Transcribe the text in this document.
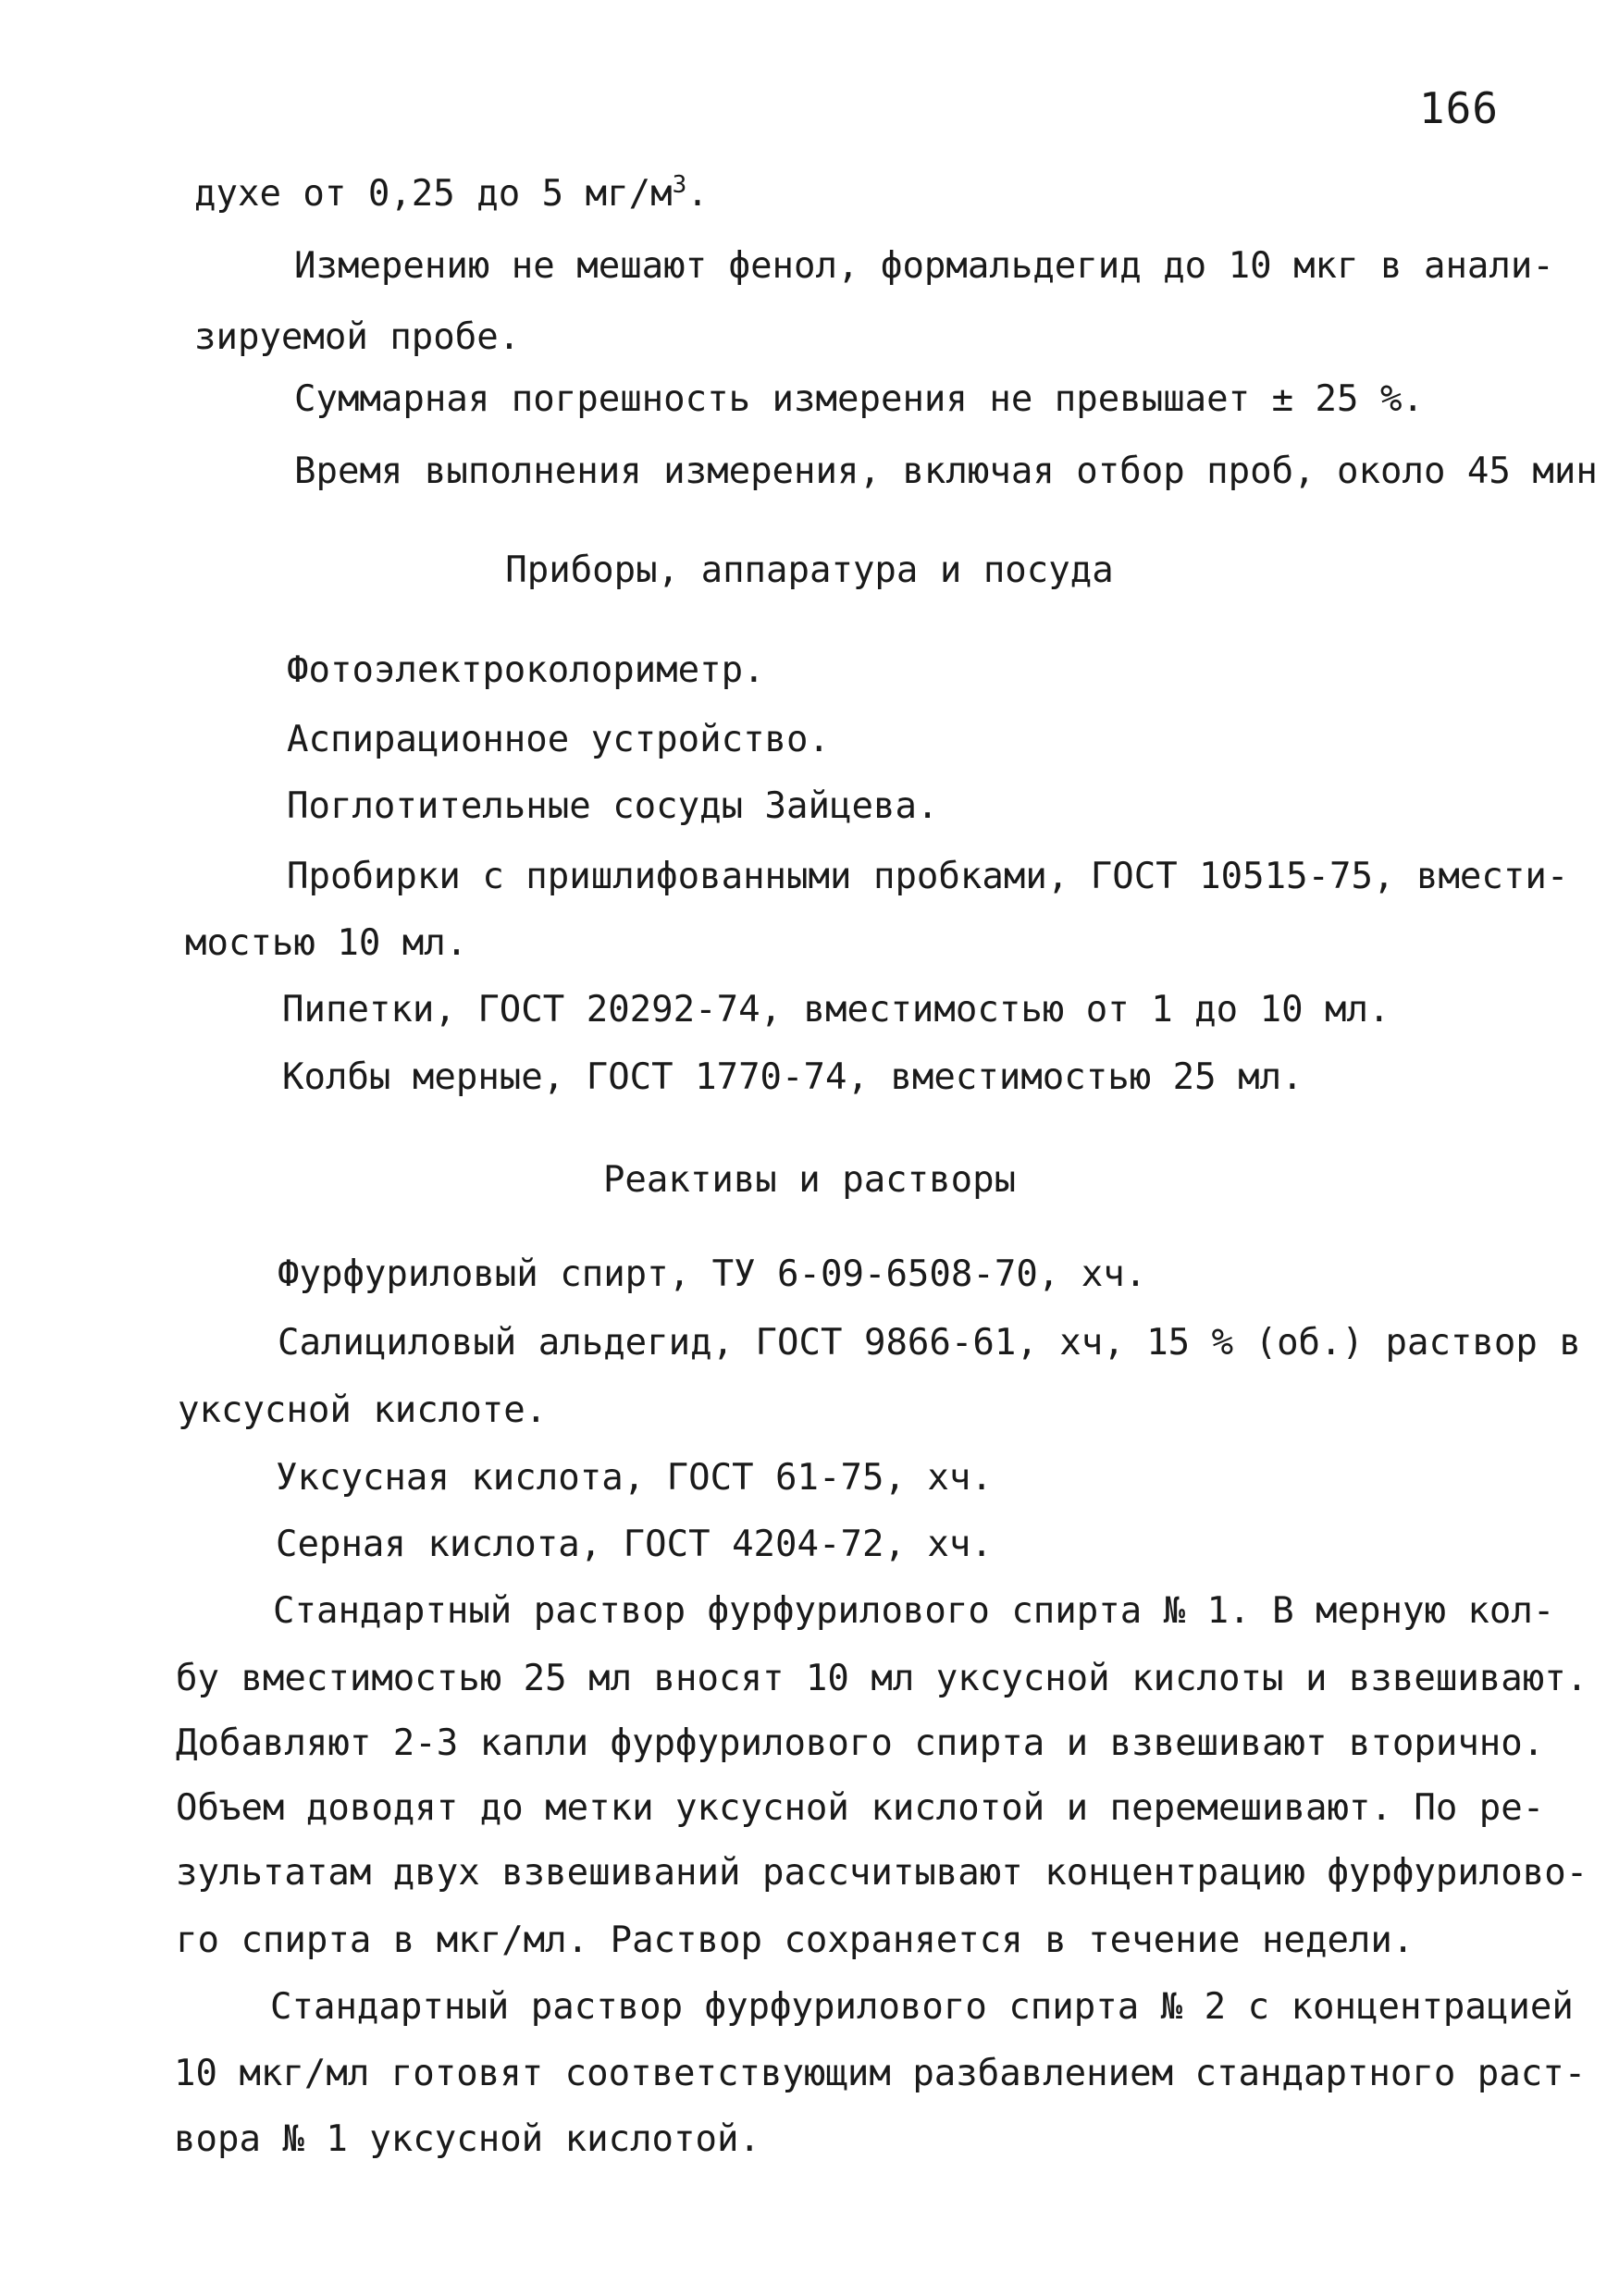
166
духе от 0,25 до 5 $мг/м^3$.
Измерению не мешают фенол, формальдегид до 10 мкг в анали-
зируемой пробе.
Суммарная погрешность измерения не превышает ± 25 %.
Время выполнения измерения, включая отбор проб, около 45 мин
Приборы, аппаратура и посуда
Фотоэлектроколориметр.
Аспирационное устройство.
Поглотительные сосуды Зайцева.
Пробирки с пришлифованными пробками, ГОСТ 10515-75, вмести-
мостью 10 мл.
Пипетки, ГОСТ 20292-74, вместимостью от 1 до 10 мл.
Колбы мерные, ГОСТ 1770-74, вместимостью 25 мл.
Реактивы и растворы
Фурфуриловый спирт, ТУ 6-09-6508-70, хч.
Салициловый альдегид, ГОСТ 9866-61, хч, 15 % (об.) раствор в
уксусной кислоте.
Уксусная кислота, ГОСТ 61-75, хч.
Серная кислота, ГОСТ 4204-72, хч.
Стандартный раствор фурфурилового спирта № 1. В мерную кол-
бу вместимостью 25 мл вносят 10 мл уксусной кислоты и взвешивают.
Добавляют 2-3 капли фурфурилового спирта и взвешивают вторично.
Объем доводят до метки уксусной кислотой и перемешивают. По ре-
зультатам двух взвешиваний рассчитывают концентрацию фурфурилово-
го спирта в мкг/мл. Раствор сохраняется в течение недели.
Стандартный раствор фурфурилового спирта № 2 с концентрацией
10 мкг/мл готовят соответствующим разбавлением стандартного раст-
вора № 1 уксусной кислотой.
